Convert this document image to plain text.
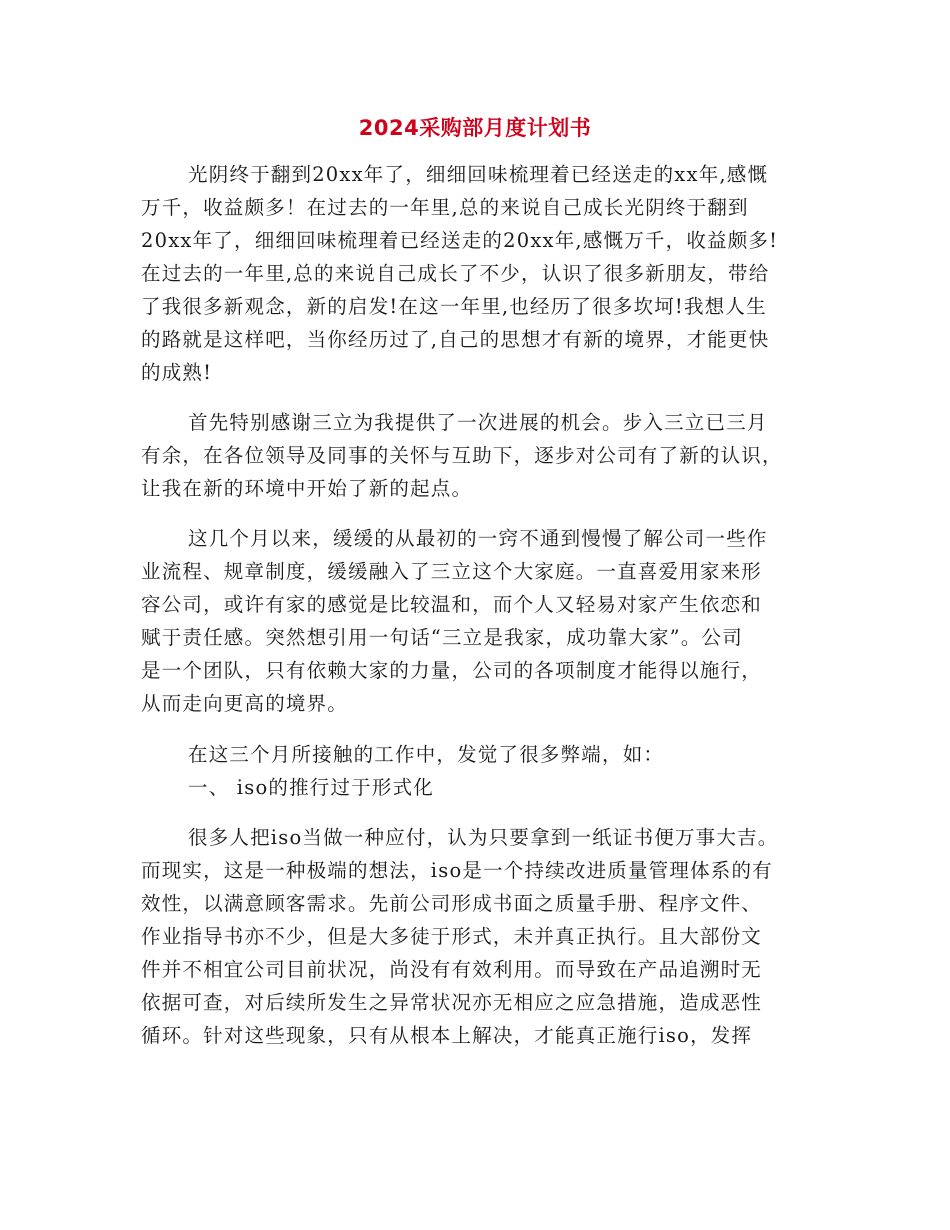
2024采购部月度计划书
光阴终于翻到20xx年了，细细回味梳理着已经送走的xx年,感慨
万千，收益颇多！在过去的一年里,总的来说自己成长光阴终于翻到
20xx年了，细细回味梳理着已经送走的20xx年,感慨万千，收益颇多!
在过去的一年里,总的来说自己成长了不少，认识了很多新朋友，带给
了我很多新观念，新的启发!在这一年里,也经历了很多坎坷!我想人生
的路就是这样吧，当你经历过了,自己的思想才有新的境界，才能更快
的成熟!
首先特别感谢三立为我提供了一次进展的机会。步入三立已三月
有余，在各位领导及同事的关怀与互助下，逐步对公司有了新的认识，
让我在新的环境中开始了新的起点。
这几个月以来，缓缓的从最初的一窍不通到慢慢了解公司一些作
业流程、规章制度，缓缓融入了三立这个大家庭。一直喜爱用家来形
容公司，或许有家的感觉是比较温和，而个人又轻易对家产生依恋和
赋于责任感。突然想引用一句话“三立是我家，成功靠大家”。公司
是一个团队，只有依赖大家的力量，公司的各项制度才能得以施行，
从而走向更高的境界。
在这三个月所接触的工作中，发觉了很多弊端，如：
一、 iso的推行过于形式化
很多人把iso当做一种应付，认为只要拿到一纸证书便万事大吉。
而现实，这是一种极端的想法，iso是一个持续改进质量管理体系的有
效性，以满意顾客需求。先前公司形成书面之质量手册、程序文件、
作业指导书亦不少，但是大多徒于形式，未并真正执行。且大部份文
件并不相宜公司目前状况，尚没有有效利用。而导致在产品追溯时无
依据可查，对后续所发生之异常状况亦无相应之应急措施，造成恶性
循环。针对这些现象，只有从根本上解决，才能真正施行iso，发挥
